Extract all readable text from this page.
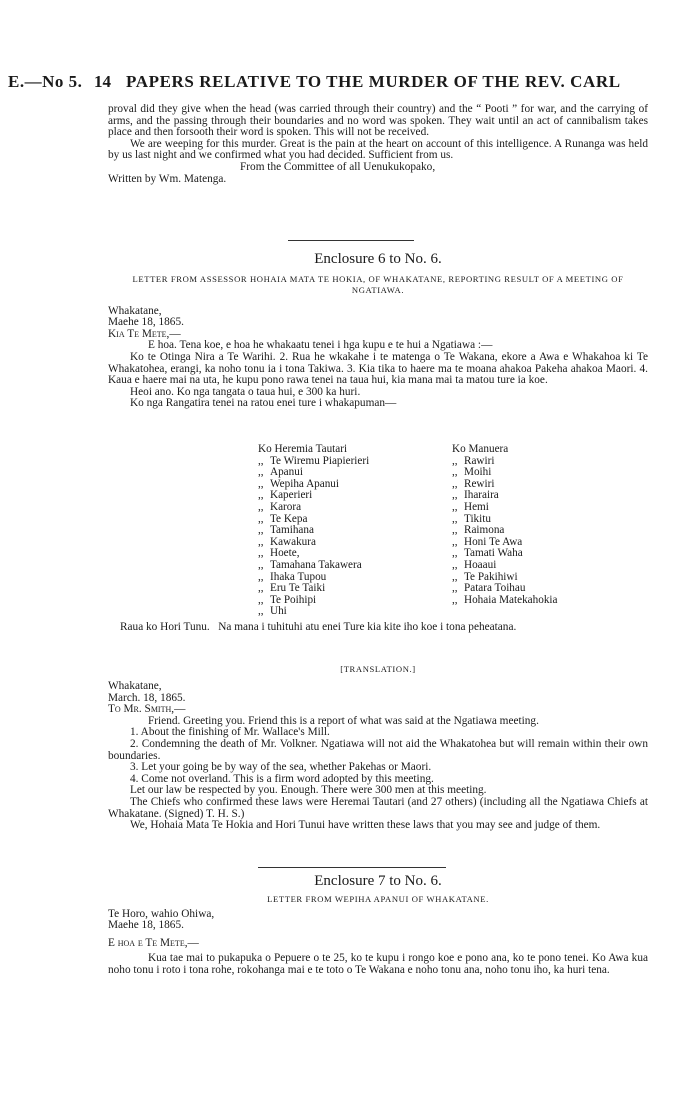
E.—No 5. 14 PAPERS RELATIVE TO THE MURDER OF THE REV. CARL

proval did they give when the head (was carried through their country) and the “ Pooti ” for war, and the carrying of arms, and the passing through their boundaries and no word was spoken. They wait until an act of cannibalism takes place and then forsooth their word is spoken. This will not be received.

We are weeping for this murder. Great is the pain at the heart on account of this intelligence. A Runanga was held by us last night and we confirmed what you had decided. Sufficient from us.

From the Committee of all Uenukukopako,

Written by Wm. Matenga.

Enclosure 6 to No. 6.
LETTER FROM ASSESSOR HOHAIA MATA TE HOKIA, OF WHAKATANE, REPORTING RESULT OF A MEETING OF NGATIAWA.

Whakatane,

Maehe 18, 1865.

Kia Te Mete,—

E hoa. Tena koe, e hoa he whakaatu tenei i hga kupu e te hui a Ngatiawa :—

Ko te Otinga Nira a Te Warihi. 2. Rua he wkakahe i te matenga o Te Wakana, ekore a Awa e Whakahoa ki Te Whakatohea, erangi, ka noho tonu ia i tona Takiwa. 3. Kia tika to haere ma te moana ahakoa Pakeha ahakoa Maori. 4. Kaua e haere mai na uta, he kupu pono rawa tenei na taua hui, kia mana mai ta matou ture ia koe.

Heoi ano. Ko nga tangata o taua hui, e 300 ka huri.

Ko nga Rangatira tenei na ratou enei ture i whakapuman—

Ko Heremia Tautari
,, Te Wiremu Piapierieri
,, Apanui
,, Wepiha Apanui
,, Kaperieri
,, Karora
,, Te Kepa
,, Tamihana
,, Kawakura
,, Hoete,
,, Tamahana Takawera
,, Ihaka Tupou
,, Eru Te Taiki
,, Te Poihipi
,, Uhi
Ko Manuera
,, Rawiri
,, Moihi
,, Rewiri
,, Iharaira
,, Hemi
,, Tikitu
,, Raimona
,, Honi Te Awa
,, Tamati Waha
,, Hoaaui
,, Te Pakihiwi
,, Patara Toihau
,, Hohaia Matekahokia

Raua ko Hori Tunu. Na mana i tuhituhi atu enei Ture kia kite iho koe i tona peheatana.

[TRANSLATION.]

Whakatane,

March. 18, 1865.

To Mr. Smith,—

Friend. Greeting you. Friend this is a report of what was said at the Ngatiawa meeting.

1. About the finishing of Mr. Wallace's Mill.

2. Condemning the death of Mr. Volkner. Ngatiawa will not aid the Whakatohea but will remain within their own boundaries.

3. Let your going be by way of the sea, whether Pakehas or Maori.

4. Come not overland. This is a firm word adopted by this meeting.

Let our law be respected by you. Enough. There were 300 men at this meeting.

The Chiefs who confirmed these laws were Heremai Tautari (and 27 others) (including all the Ngatiawa Chiefs at Whakatane. (Signed) T. H. S.)

We, Hohaia Mata Te Hokia and Hori Tunui have written these laws that you may see and judge of them.

Enclosure 7 to No. 6.
LETTER FROM WEPIHA APANUI OF WHAKATANE.

Te Horo, wahio Ohiwa,

Maehe 18, 1865.

E hoa e Te Mete,—

Kua tae mai to pukapuka o Pepuere o te 25, ko te kupu i rongo koe e pono ana, ko te pono tenei. Ko Awa kua noho tonu i roto i tona rohe, rokohanga mai e te toto o Te Wakana e noho tonu ana, noho tonu iho, ka huri tena.
